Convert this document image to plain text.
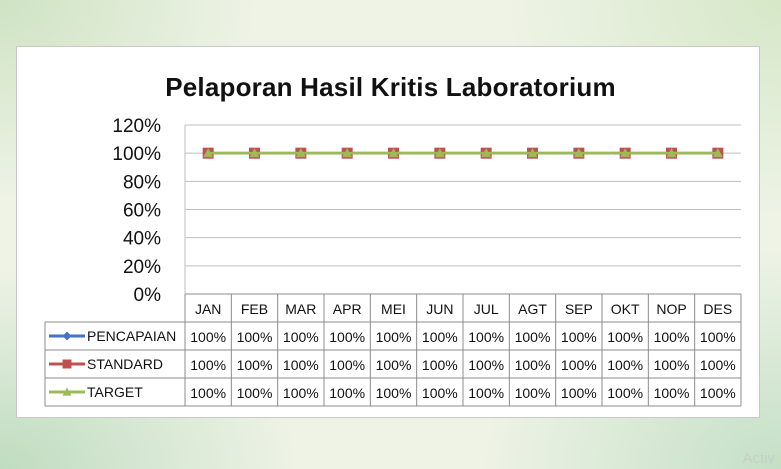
Pelaporan Hasil Kritis Laboratorium
0%
20%
40%
60%
80%
100%
120%
JAN FEB MAR APR MEI JUN JUL AGT SEP OKT NOP DES
PENCAPAIAN 100% 100% 100% 100% 100% 100% 100% 100% 100% 100% 100% 100%
STANDARD 100% 100% 100% 100% 100% 100% 100% 100% 100% 100% 100% 100%
TARGET	100% 100% 100% 100% 100% 100% 100% 100% 100% 100% 100% 100%
Activ
